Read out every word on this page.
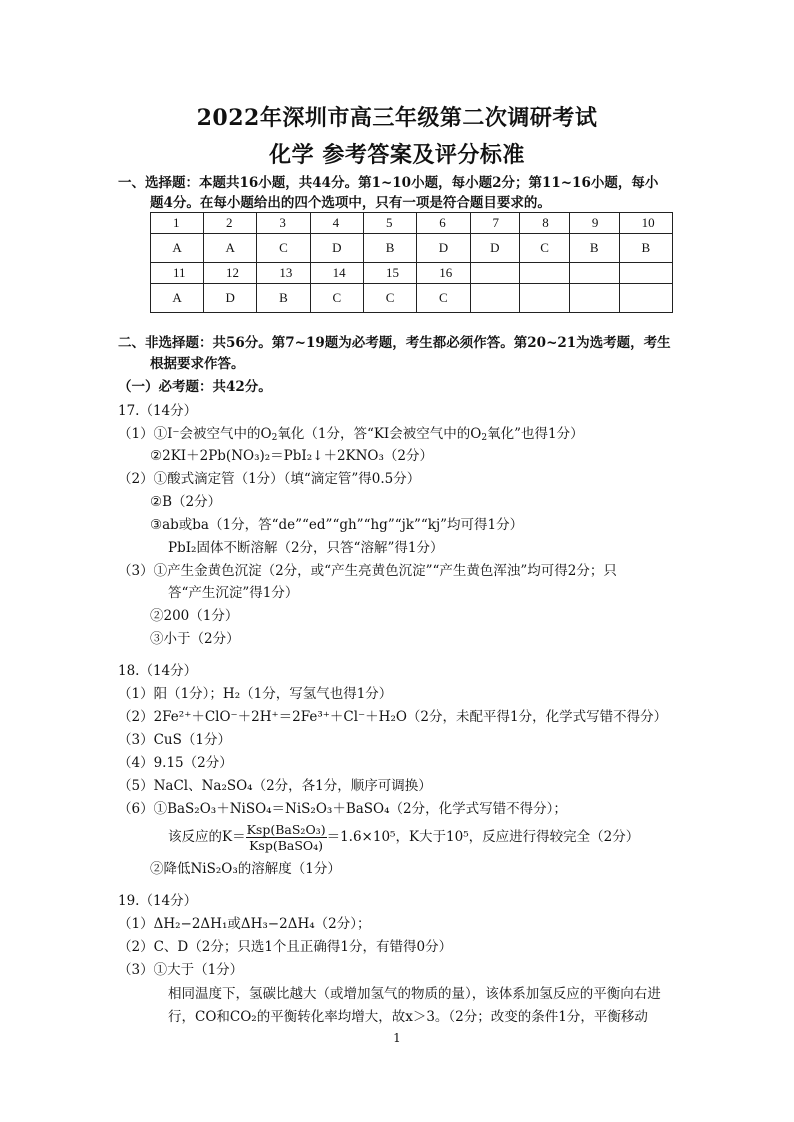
2022年深圳市高三年级第二次调研考试
化学 参考答案及评分标准
一、选择题：本题共16小题，共44分。第1~10小题，每小题2分；第11~16小题，每小
题4分。在每小题给出的四个选项中，只有一项是符合题目要求的。
1	2	3	4	5	6	7	8	9	10
A	A	C	D	B	D	D	C	B	B
11	12	13	14	15	16				
A	D	B	C	C	C				
二、非选择题：共56分。第7~19题为必考题，考生都必须作答。第20~21为选考题，考生
根据要求作答。
（一）必考题：共42分。
17.（14分）
（1）①I⁻会被空气中的$O_2$氧化（1分，答“KI会被空气中的$O_2$氧化”也得1分）
②2KI＋2Pb(NO₃)₂＝PbI₂↓＋2KNO₃（2分）
（2）①酸式滴定管（1分）（填“滴定管”得0.5分）
②B（2分）
③ab或ba（1分，答“de”“ed”“gh”“hg”“jk”“kj”均可得1分）
PbI₂固体不断溶解（2分，只答“溶解”得1分）
（3）①产生金黄色沉淀（2分，或“产生亮黄色沉淀”“产生黄色浑浊”均可得2分；只
答“产生沉淀”得1分）
②200（1分）
③小于（2分）
18.（14分）
（1）阳（1分）；H₂（1分，写氢气也得1分）
（2）2Fe²⁺＋ClO⁻＋2H⁺＝2Fe³⁺＋Cl⁻＋H₂O（2分，未配平得1分，化学式写错不得分）
（3）CuS（1分）
（4）9.15（2分）
（5）NaCl、Na₂SO₄（2分，各1分，顺序可调换）
（6）①BaS₂O₃＋NiSO₄＝NiS₂O₃＋BaSO₄（2分，化学式写错不得分）；
该反应的$K= \frac{\text{Ksp(BaS₂O₃)}}{\text{Ksp(BaSO₄)}} =1.6\times 10^5$，K大于10⁵，反应进行得较完全（2分）
②降低NiS₂O₃的溶解度（1分）
19.（14分）
（1）ΔH₂−2ΔH₁或ΔH₃−2ΔH₄（2分）；
（2）C、D（2分；只选1个且正确得1分，有错得0分）
（3）①大于（1分）
相同温度下，氢碳比越大（或增加氢气的物质的量），该体系加氢反应的平衡向右进
行，CO和CO₂的平衡转化率均增大，故x＞3。（2分；改变的条件1分，平衡移动
1
